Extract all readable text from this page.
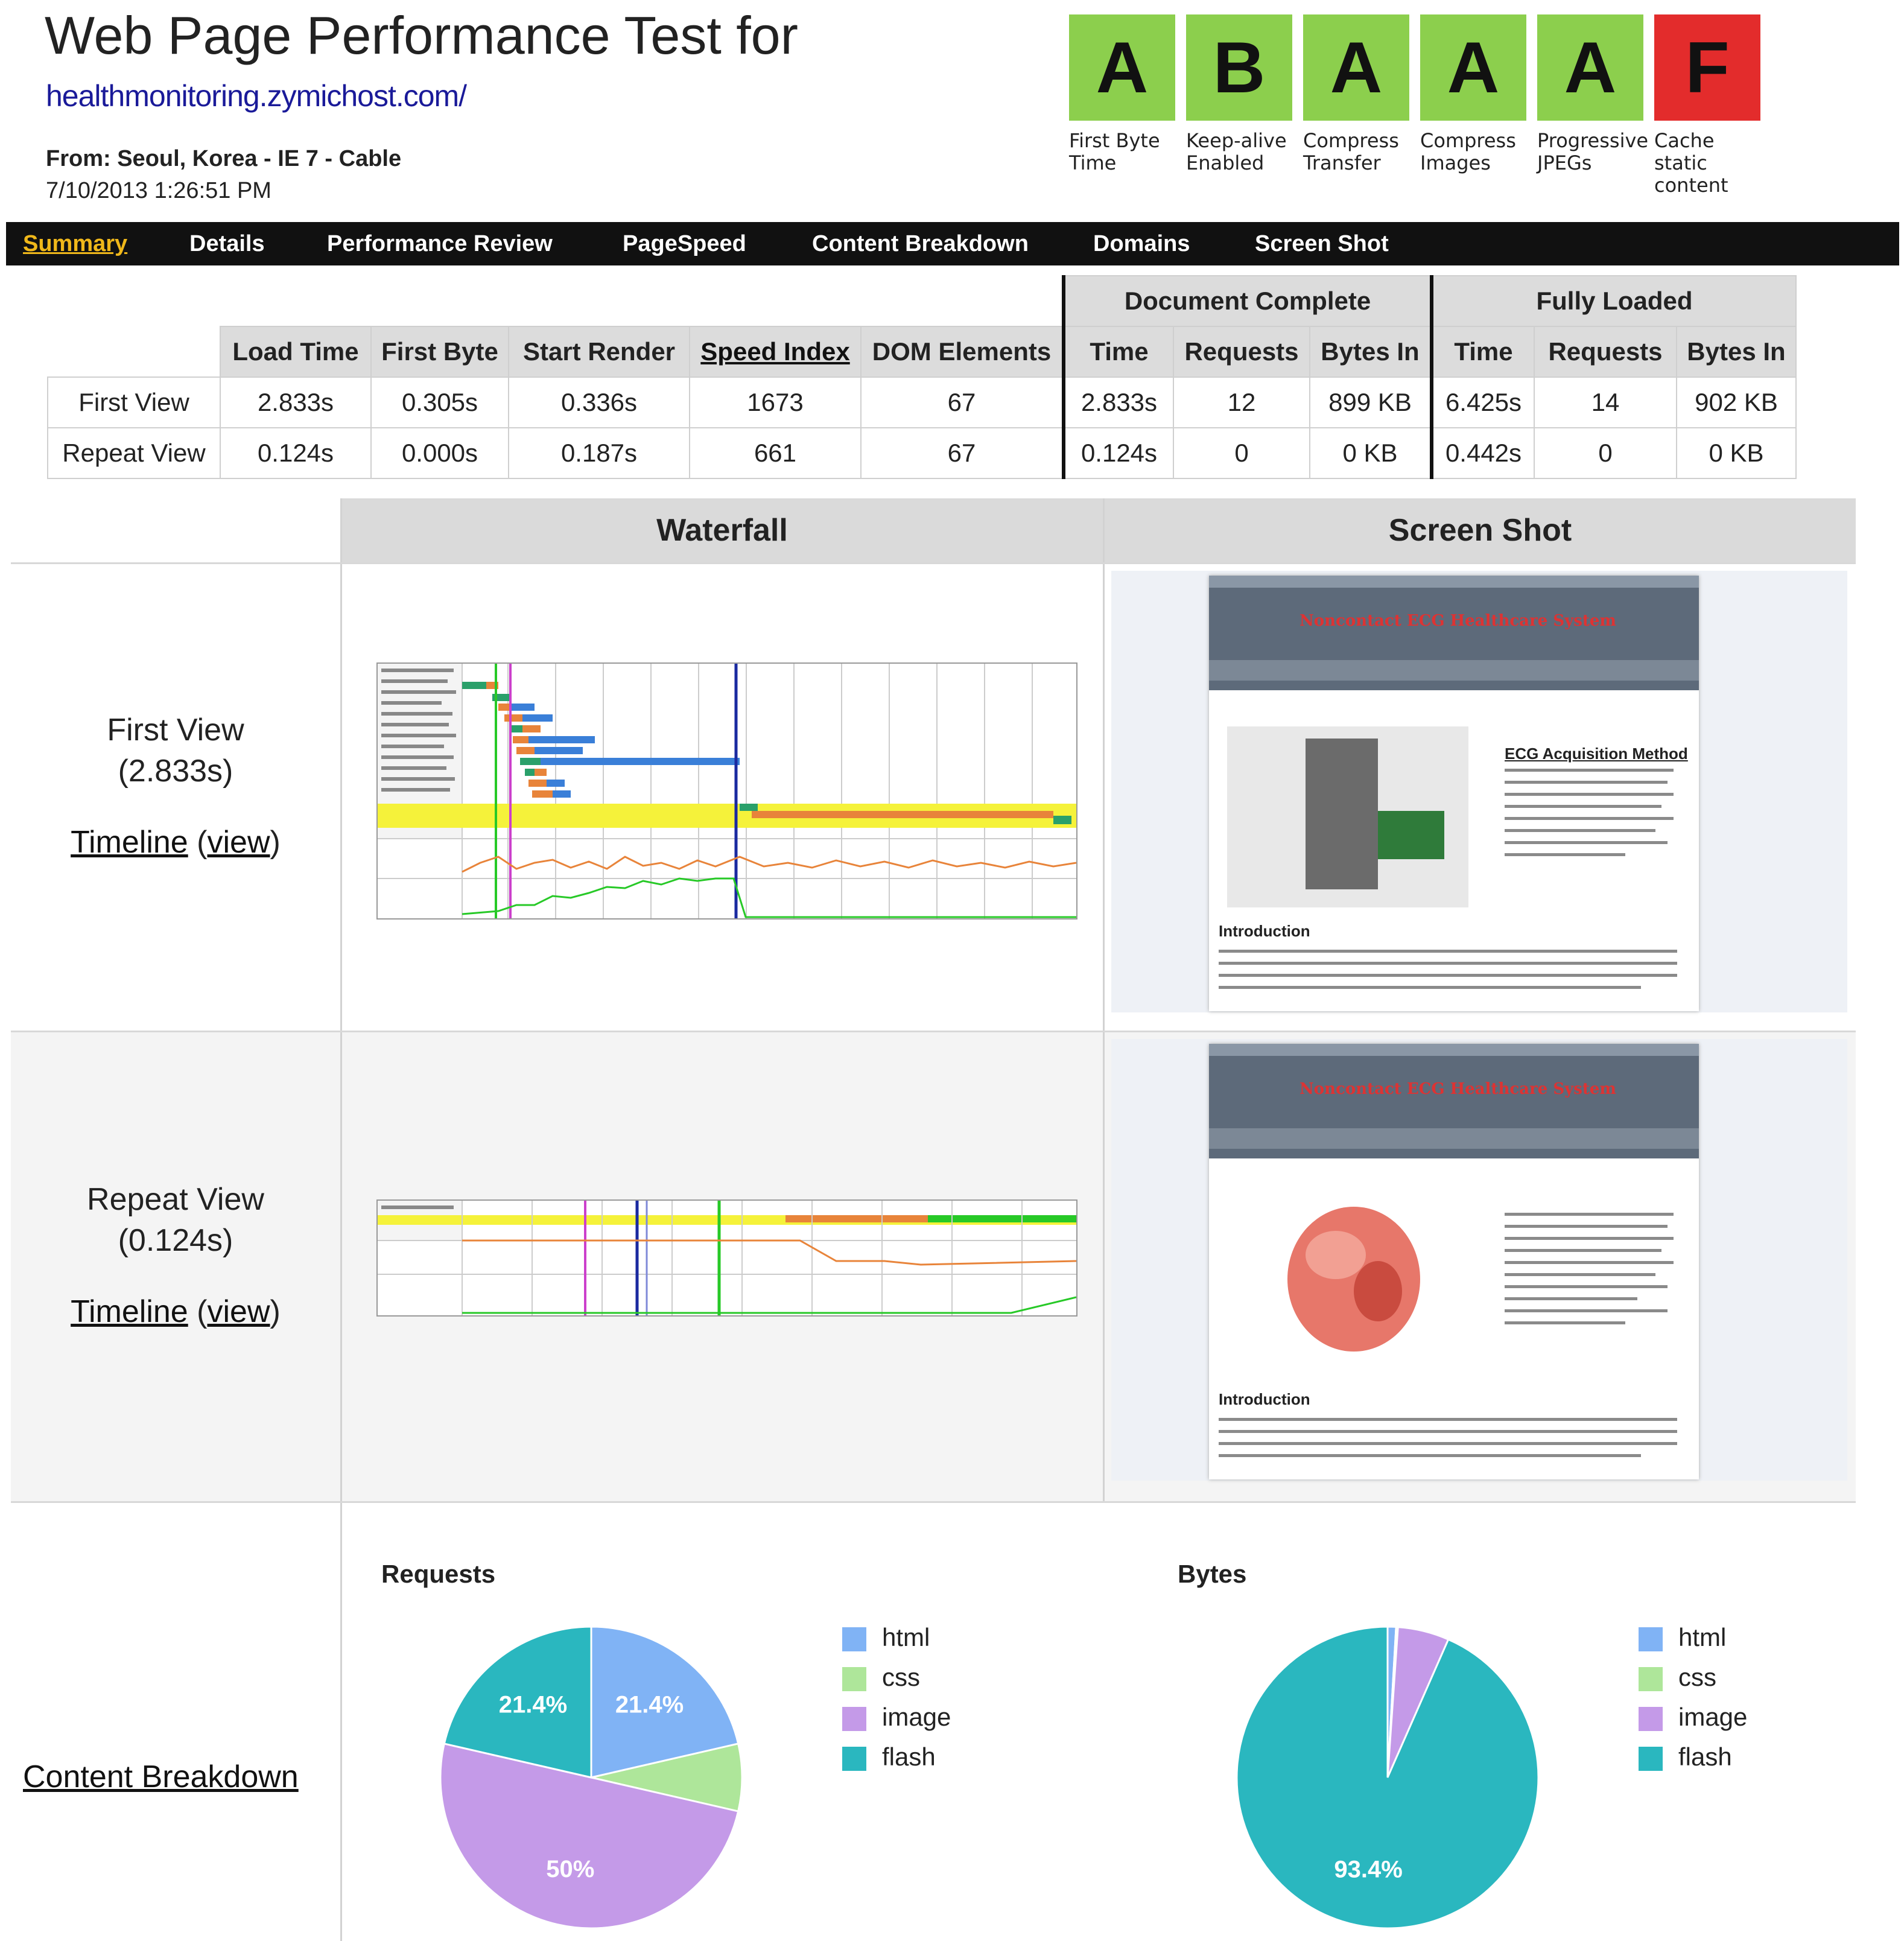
Web Page Performance Test for
healthmonitoring.zymichost.com/
From: Seoul, Korea - IE 7 - Cable
7/10/2013 1:26:51 PM
A
First Byte Time
B
Keep-alive Enabled
A
Compress Transfer
A
Compress Images
A
Progressive JPEGs
F
Cache static content
Summary	Details	Performance Review	PageSpeed	Content Breakdown	Domains	Screen Shot
						Document Complete			Fully Loaded		
	Load Time	First Byte	Start Render	Speed Index	DOM Elements	Time	Requests	Bytes In	Time	Requests	Bytes In
First View	2.833s	0.305s	0.336s	1673	67	2.833s	12	899 KB	6.425s	14	902 KB
Repeat View	0.124s	0.000s	0.187s	661	67	0.124s	0	0 KB	0.442s	0	0 KB
Waterfall	Screen Shot
First View
(2.833s)
Timeline (view)
Repeat View
(0.124s)
Timeline (view)
Content Breakdown
Noncontact ECG Healthcare System
ECG Acquisition Method
Introduction
Noncontact ECG Healthcare System
Introduction
Requests
21.4%
50%
21.4%
html
css
image
flash
Bytes
93.4%
html
css
image
flash
